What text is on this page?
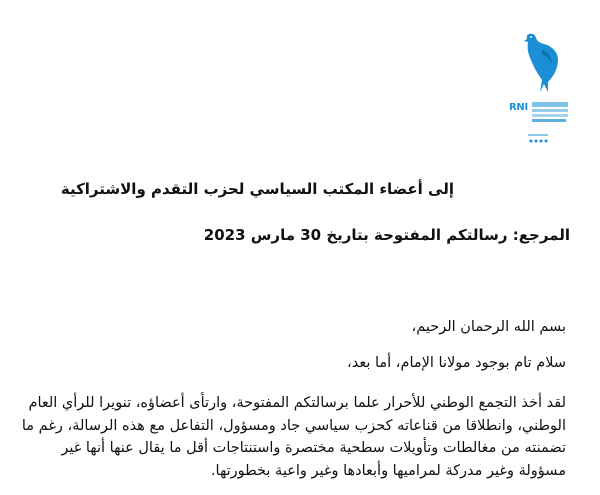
RNI
إلى أعضاء المكتب السياسي لحزب التقدم والاشتراكية
المرجع: رسالتكم المفتوحة بتاريخ 30 مارس 2023
بسم الله الرحمان الرحيم،
سلام تام بوجود مولانا الإمام، أما بعد،
لقد أخذ التجمع الوطني للأحرار علما برسالتكم المفتوحة، وارتأى أعضاؤه، تنويرا للرأي العام
الوطني، وانطلاقا من قناعاته كحزب سياسي جاد ومسؤول، التفاعل مع هذه الرسالة، رغم ما
تضمنته من مغالطات وتأويلات سطحية مختصرة واستنتاجات أقل ما يقال عنها أنها غير
مسؤولة وغير مدركة لمراميها وأبعادها وغير واعية بخطورتها.
